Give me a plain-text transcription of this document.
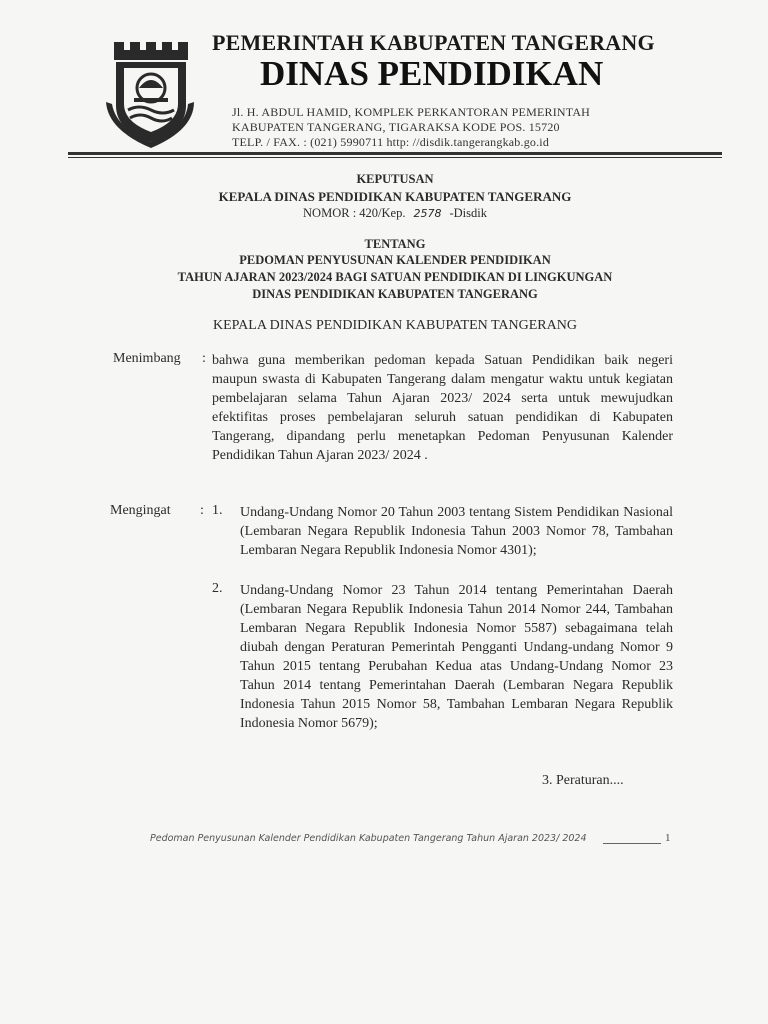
PEMERINTAH KABUPATEN TANGERANG
DINAS PENDIDIKAN
Jl. H. ABDUL HAMID, KOMPLEK PERKANTORAN PEMERINTAH
KABUPATEN TANGERANG, TIGARAKSA KODE POS. 15720
TELP. / FAX. : (021) 5990711 http: //disdik.tangerangkab.go.id
KEPUTUSAN
KEPALA DINAS PENDIDIKAN KABUPATEN TANGERANG
NOMOR : 420/Kep. 2578 -Disdik
TENTANG
PEDOMAN PENYUSUNAN KALENDER PENDIDIKAN
TAHUN AJARAN 2023/2024 BAGI SATUAN PENDIDIKAN DI LINGKUNGAN
DINAS PENDIDIKAN KABUPATEN TANGERANG
KEPALA DINAS PENDIDIKAN KABUPATEN TANGERANG
Menimbang : bahwa guna memberikan pedoman kepada Satuan Pendidikan baik negeri maupun swasta di Kabupaten Tangerang dalam mengatur waktu untuk kegiatan pembelajaran selama Tahun Ajaran 2023/ 2024 serta untuk mewujudkan efektifitas proses pembelajaran seluruh satuan pendidikan di Kabupaten Tangerang, dipandang perlu menetapkan Pedoman Penyusunan Kalender Pendidikan Tahun Ajaran 2023/ 2024 .

Mengingat : 1. Undang-Undang Nomor 20 Tahun 2003 tentang Sistem Pendidikan Nasional (Lembaran Negara Republik Indonesia Tahun 2003 Nomor 78, Tambahan Lembaran Negara Republik Indonesia Nomor 4301);

2. Undang-Undang Nomor 23 Tahun 2014 tentang Pemerintahan Daerah (Lembaran Negara Republik Indonesia Tahun 2014 Nomor 244, Tambahan Lembaran Negara Republik Indonesia Nomor 5587) sebagaimana telah diubah dengan Peraturan Pemerintah Pengganti Undang-undang Nomor 9 Tahun 2015 tentang Perubahan Kedua atas Undang-Undang Nomor 23 Tahun 2014 tentang Pemerintahan Daerah (Lembaran Negara Republik Indonesia Tahun 2015 Nomor 58, Tambahan Lembaran Negara Republik Indonesia Nomor 5679);

3. Peraturan....
Pedoman Penyusunan Kalender Pendidikan Kabupaten Tangerang Tahun Ajaran 2023/ 2024	1
